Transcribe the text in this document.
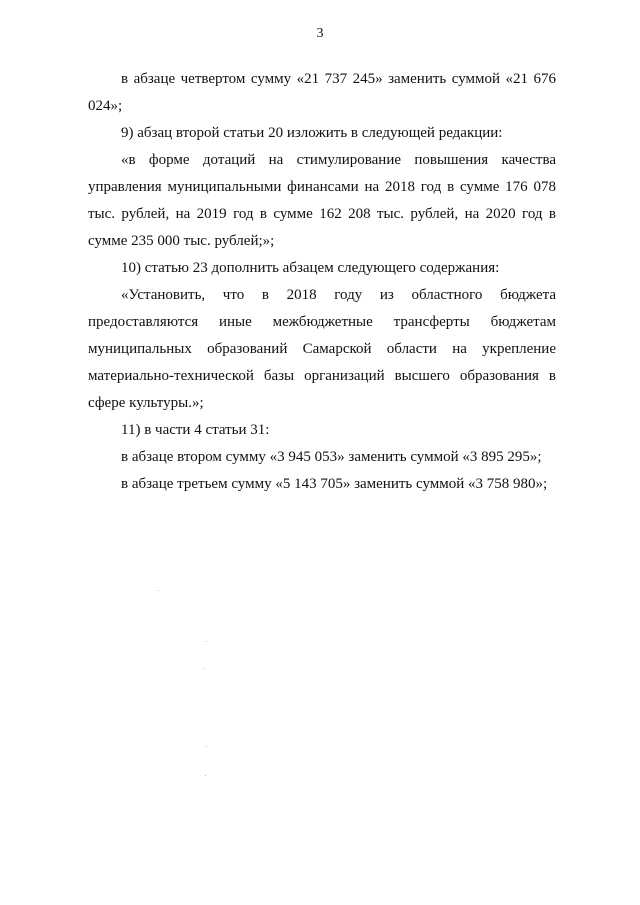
3

в абзаце четвертом сумму «21 737 245» заменить суммой «21 676 024»;

9) абзац второй статьи 20 изложить в следующей редакции:

«в форме дотаций на стимулирование повышения качества управления муниципальными финансами на 2018 год в сумме 176 078 тыс. рублей, на 2019 год в сумме 162 208 тыс. рублей, на 2020 год в сумме 235 000 тыс. рублей;»;

10) статью 23 дополнить абзацем следующего содержания:

«Установить, что в 2018 году из областного бюджета предоставляются иные межбюджетные трансферты бюджетам муниципальных образований Самарской области на укрепление материально-технической базы организаций высшего образования в сфере культуры.»;

11) в части 4 статьи 31:

в абзаце втором сумму «3 945 053» заменить суммой «3 895 295»;

в абзаце третьем сумму «5 143 705» заменить суммой «3 758 980»;
